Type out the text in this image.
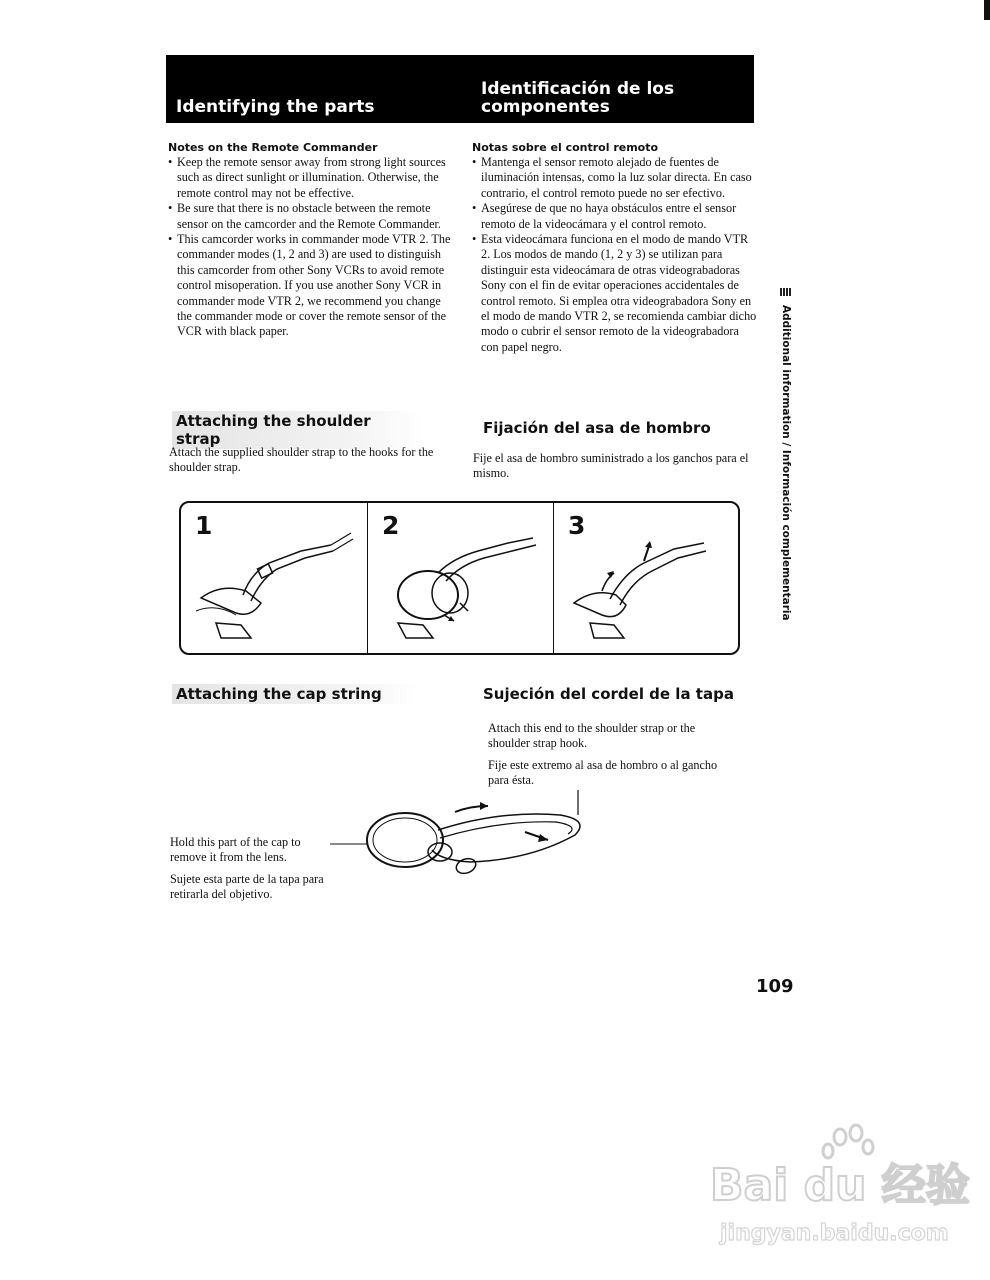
Identifying the parts
Identificación de los componentes
Notes on the Remote Commander
• Keep the remote sensor away from strong light sources such as direct sunlight or illumination. Otherwise, the remote control may not be effective.
• Be sure that there is no obstacle between the remote sensor on the camcorder and the Remote Commander.
• This camcorder works in commander mode VTR 2. The commander modes (1, 2 and 3) are used to distinguish this camcorder from other Sony VCRs to avoid remote control misoperation. If you use another Sony VCR in commander mode VTR 2, we recommend you change the commander mode or cover the remote sensor of the VCR with black paper.
Notas sobre el control remoto
• Mantenga el sensor remoto alejado de fuentes de iluminación intensas, como la luz solar directa. En caso contrario, el control remoto puede no ser efectivo.
• Asegúrese de que no haya obstáculos entre el sensor remoto de la videocámara y el control remoto.
• Esta videocámara funciona en el modo de mando VTR 2. Los modos de mando (1, 2 y 3) se utilizan para distinguir esta videocámara de otras videograbadoras Sony con el fin de evitar operaciones accidentales de control remoto. Si emplea otra videograbadora Sony en el modo de mando VTR 2, se recomienda cambiar dicho modo o cubrir el sensor remoto de la videograbadora con papel negro.
Attaching the shoulder strap
Fijación del asa de hombro
Attach the supplied shoulder strap to the hooks for the shoulder strap.
Fije el asa de hombro suministrado a los ganchos para el mismo.
1	2	3
Attaching the cap string	Sujeción del cordel de la tapa
Attach this end to the shoulder strap or the shoulder strap hook.
Fije este extremo al asa de hombro o al gancho para ésta.
Hold this part of the cap to remove it from the lens.
Sujete esta parte de la tapa para retirarla del objetivo.
Additional information / Información complementaria
109
Bai du 经验
jingyan.baidu.com
